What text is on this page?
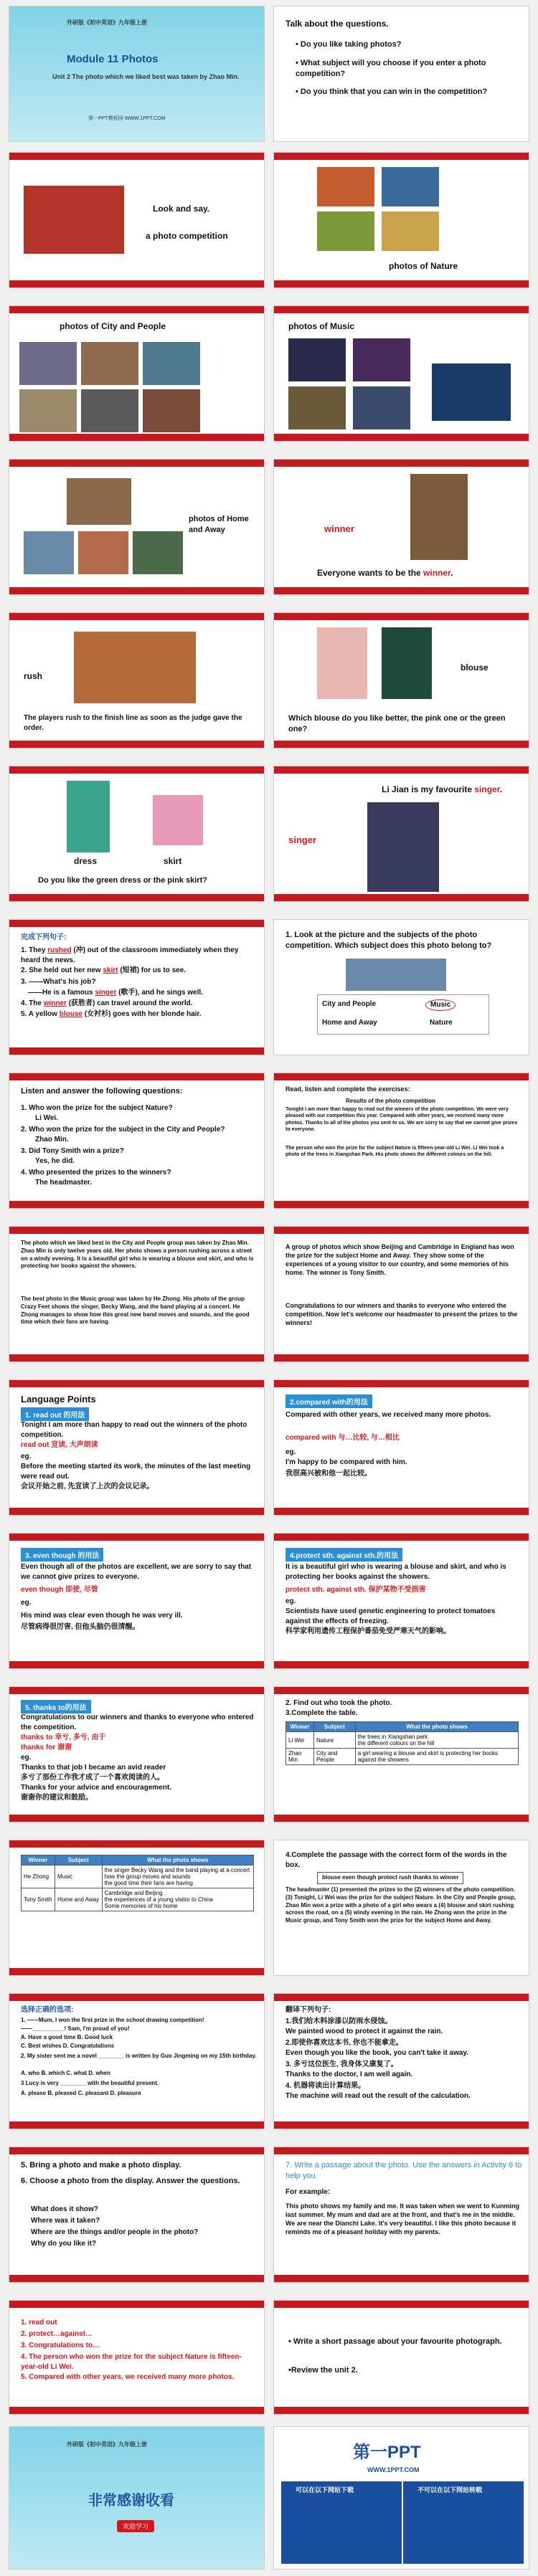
外研版《初中英语》九年级上册
Module 11 Photos
Unit 2 The photo which we liked best was taken by Zhao Min.
第一PPT模板网-WWW.1PPT.COM
Talk about the questions.
• Do you like taking photos?
• What subject will you choose if you enter a photo competition?
• Do you think that you can win in the competition?
Look and say.
a photo competition
photos of Nature
photos of City and People	photos of Music
photos of Home and Away	winner
Everyone wants to be the winner.
rush
The players rush to the finish line as soon as the judge gave the order.
blouse
Which blouse do you like better, the pink one or the green one?
dress	skirt
Do you like the green dress or the pink skirt?
Li Jian is my favourite singer.
singer
完成下列句子:
1. They rushed (冲) out of the classroom immediately when they heard the news.
2. She held out her new skirt (短裙) for us to see.
3. ——What's his job?
——He is a famous singer (歌手), and he sings well.
4. The winner (获胜者) can travel around the world.
5. A yellow blouse (女衬衫) goes with her blonde hair.
1. Look at the picture and the subjects of the photo competition. Which subject does this photo belong to?
City and People	Music
Home and Away	Nature
Listen and answer the following questions:
1. Who won the prize for the subject Nature?
Li Wei.
2. Who won the prize for the subject in the City and People?
Zhao Min.
3. Did Tony Smith win a prize?
Yes, he did.
4. Who presented the prizes to the winners?
The headmaster.
Read, listen and complete the exercises:
Results of the photo competition
Tonight I am more than happy to read out the winners of the photo competition. We were very pleased with our competition this year. Compared with other years, we received many more photos. Thanks to all of the photos you sent to us. We are sorry to say that we cannot give prizes to everyone.
The person who won the prize for the subject Nature is fifteen-year-old Li Wei. Li Wei took a photo of the trees in Xiangshan Park. His photo shows the different colours on the hill.
The photo which we liked best in the City and People group was taken by Zhao Min. Zhao Min is only twelve years old. Her photo shows a person rushing across a street on a windy evening. It is a beautiful girl who is wearing a blouse and skirt, and who is protecting her books against the showers.
The best photo in the Music group was taken by He Zhong. His photo of the group Crazy Feet shows the singer, Becky Wang, and the band playing at a concert. He Zhong manages to show how this great new band moves and sounds, and the good time which their fans are having.
A group of photos which show Beijing and Cambridge in England has won the prize for the subject Home and Away. They show some of the experiences of a young visitor to our country, and some memories of his home. The winner is Tony Smith.
Congratulations to our winners and thanks to everyone who entered the competition. Now let's welcome our headmaster to present the prizes to the winners!
Language Points
1. read out 的用法
Tonight I am more than happy to read out the winners of the photo competition.
read out 宣读, 大声朗读
eg.
Before the meeting started its work, the minutes of the last meeting were read out.
会议开始之前, 先宣读了上次的会议记录。
2.compared with的用法
Compared with other years, we received many more photos.
compared with 与…比较, 与…相比
eg.
I'm happy to be compared with him.
我很高兴被和他一起比较。
3. even though 的用法
Even though all of the photos are excellent, we are sorry to say that we cannot give prizes to everyone.
even though 即使, 尽管
eg.
His mind was clear even though he was very ill.
尽管病得很厉害, 但他头脑仍很清醒。
4.protect sth. against sth.的用法
It is a beautiful girl who is wearing a blouse and skirt, and who is protecting her books against the showers.
protect sth. against sth. 保护某物不受损害
eg.
Scientists have used genetic engineering to protect tomatoes against the effects of freezing.
科学家利用遗传工程保护番茄免受严寒天气的影响。
5. thanks to的用法
Congratulations to our winners and thanks to everyone who entered the competition.
thanks to 幸亏, 多亏, 由于
thanks for 谢谢
eg.
Thanks to that job I became an avid reader
多亏了那份工作我才成了一个喜欢阅读的人。
Thanks for your advice and encouragement.
谢谢你的建议和鼓励。
2. Find out who took the photo.
3.Complete the table.
Winner	Subject	What the photo shows
Li Wei	Nature	the trees in Xiangshan park
the different colours on the hill
Zhao Min	City and People	a girl wearing a blouse and skirt is protecting her books against the showers
Winner	Subject	What the photo shows
He Zhong	Music	the singer Becky Wang and the band playing at a concert
how the group moves and sounds
the good time their fans are having
Tony Smith	Home and Away	Cambridge and Beijing
the experiences of a young visitor to China
Some memories of his home
4.Complete the passage with the correct form of the words in the box.
blouse even though protect rush thanks to winner
The headmaster (1) presented the prizes to the (2) winners of the photo competition. (3) Tonight, Li Wei was the prize for the subject Nature. In the City and People group, Zhao Min won a prize with a photo of a girl who wears a (4) blouse and skirt rushing across the road, on a (5) windy evening in the rain. He Zhong won the prize in the Music group, and Tony Smith won the prize for the subject Home and Away.
选择正确的选项:
1. ——Mum, I won the first prize in the school drawing competition!
——__________! Sam, I'm proud of you!
A. Have a good time B. Good luck
C. Best wishes D. Congratulations
2. My sister sent me a novel ________ is written by Guo Jingming on my 15th birthday.
A. who B. which C. what D. when
3 Lucy is very ________ with the beautiful present.
A. please B. pleased C. pleasant D. pleasure
翻译下列句子:
1.我们给木料涂漆以防雨水侵蚀。
We painted wood to protect it against the rain.
2.即使你喜欢这本书, 你也不能拿走。
Even though you like the book, you can't take it away.
3. 多亏这位医生, 我身体又康复了。
Thanks to the doctor, I am well again.
4. 机器将读出计算结果。
The machine will read out the result of the calculation.
5. Bring a photo and make a photo display.
6. Choose a photo from the display. Answer the questions.
What does it show?
Where was it taken?
Where are the things and/or people in the photo?
Why do you like it?
7. Write a passage about the photo. Use the answers in Activity 6 to help you.
For example:
This photo shows my family and me. It was taken when we went to Kunming last summer. My mum and dad are at the front, and that's me in the middle. We are near the Dianchi Lake. It's very beautiful. I like this photo because it reminds me of a pleasant holiday with my parents.
1. read out
2. protect…against…
3. Congratulations to…
4. The person who won the prize for the subject Nature is fifteen-year-old Li Wei.
5. Compared with other years, we received many more photos.
• Write a short passage about your favourite photograph.
•Review the unit 2.
外研版《初中英语》九年级上册
非常感谢收看
欢迎学习
第一PPT
WWW.1PPT.COM
可以在以下网站下载	不可以在以下网站转载
